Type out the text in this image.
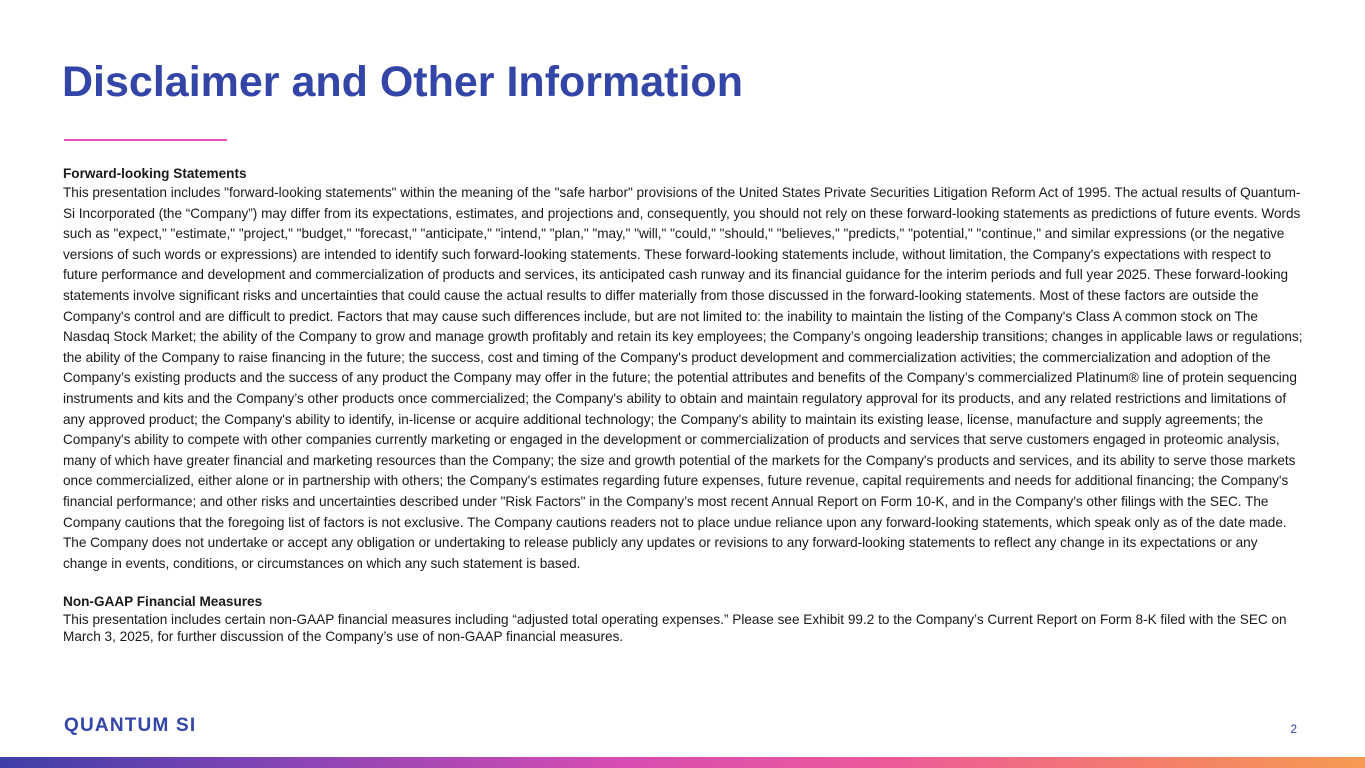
Disclaimer and Other Information
Forward-looking Statements

This presentation includes "forward-looking statements" within the meaning of the "safe harbor" provisions of the United States Private Securities Litigation Reform Act of 1995. The actual results of Quantum-Si Incorporated (the “Company”) may differ from its expectations, estimates, and projections and, consequently, you should not rely on these forward-looking statements as predictions of future events. Words such as "expect," "estimate," "project," "budget," "forecast," "anticipate," "intend," "plan," "may," "will," "could," "should," "believes," "predicts," "potential," "continue," and similar expressions (or the negative versions of such words or expressions) are intended to identify such forward-looking statements. These forward-looking statements include, without limitation, the Company's expectations with respect to future performance and development and commercialization of products and services, its anticipated cash runway and its financial guidance for the interim periods and full year 2025. These forward-looking statements involve significant risks and uncertainties that could cause the actual results to differ materially from those discussed in the forward-looking statements. Most of these factors are outside the Company's control and are difficult to predict. Factors that may cause such differences include, but are not limited to: the inability to maintain the listing of the Company's Class A common stock on The Nasdaq Stock Market; the ability of the Company to grow and manage growth profitably and retain its key employees; the Company’s ongoing leadership transitions; changes in applicable laws or regulations; the ability of the Company to raise financing in the future; the success, cost and timing of the Company's product development and commercialization activities; the commercialization and adoption of the Company’s existing products and the success of any product the Company may offer in the future; the potential attributes and benefits of the Company’s commercialized Platinum® line of protein sequencing instruments and kits and the Company’s other products once commercialized; the Company's ability to obtain and maintain regulatory approval for its products, and any related restrictions and limitations of any approved product; the Company's ability to identify, in-license or acquire additional technology; the Company's ability to maintain its existing lease, license, manufacture and supply agreements; the Company's ability to compete with other companies currently marketing or engaged in the development or commercialization of products and services that serve customers engaged in proteomic analysis, many of which have greater financial and marketing resources than the Company; the size and growth potential of the markets for the Company's products and services, and its ability to serve those markets once commercialized, either alone or in partnership with others; the Company's estimates regarding future expenses, future revenue, capital requirements and needs for additional financing; the Company's financial performance; and other risks and uncertainties described under "Risk Factors" in the Company’s most recent Annual Report on Form 10-K, and in the Company's other filings with the SEC. The Company cautions that the foregoing list of factors is not exclusive. The Company cautions readers not to place undue reliance upon any forward-looking statements, which speak only as of the date made. The Company does not undertake or accept any obligation or undertaking to release publicly any updates or revisions to any forward-looking statements to reflect any change in its expectations or any change in events, conditions, or circumstances on which any such statement is based.

Non-GAAP Financial Measures

This presentation includes certain non-GAAP financial measures including “adjusted total operating expenses.” Please see Exhibit 99.2 to the Company’s Current Report on Form 8-K filed with the SEC on March 3, 2025, for further discussion of the Company’s use of non-GAAP financial measures.

QUANTUM SI	2
